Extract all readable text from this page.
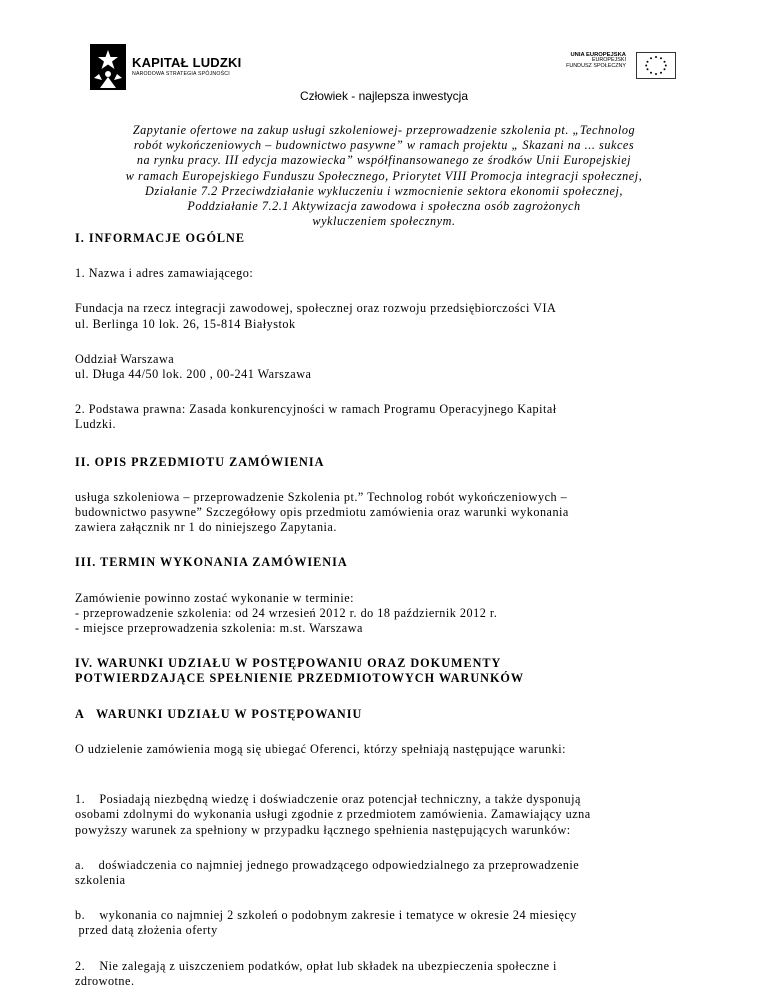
KAPITAŁ LUDZKI
NARODOWA STRATEGIA SPÓJNOŚCI
UNIA EUROPEJSKA
EUROPEJSKI
FUNDUSZ SPOŁECZNY
Człowiek - najlepsza inwestycja
Zapytanie ofertowe na zakup usługi szkoleniowej- przeprowadzenie szkolenia pt. „Technolog
robót wykończeniowych – budownictwo pasywne” w ramach projektu „ Skazani na ... sukces
na rynku pracy. III edycja mazowiecka” współfinansowanego ze środków Unii Europejskiej
w ramach Europejskiego Funduszu Społecznego, Priorytet VIII Promocja integracji społecznej,
Działanie 7.2 Przeciwdziałanie wykluczeniu i wzmocnienie sektora ekonomii społecznej,
Poddziałanie 7.2.1 Aktywizacja zawodowa i społeczna osób zagrożonych
wykluczeniem społecznym.

I. INFORMACJE OGÓLNE

1. Nazwa i adres zamawiającego:

Fundacja na rzecz integracji zawodowej, społecznej oraz rozwoju przedsiębiorczości VIA
ul. Berlinga 10 lok. 26, 15-814 Białystok

Oddział Warszawa
ul. Długa 44/50 lok. 200 , 00-241 Warszawa

2. Podstawa prawna: Zasada konkurencyjności w ramach Programu Operacyjnego Kapitał
Ludzki.

II. OPIS PRZEDMIOTU ZAMÓWIENIA

usługa szkoleniowa – przeprowadzenie Szkolenia pt.” Technolog robót wykończeniowych –
budownictwo pasywne” Szczegółowy opis przedmiotu zamówienia oraz warunki wykonania
zawiera załącznik nr 1 do niniejszego Zapytania.

III. TERMIN WYKONANIA ZAMÓWIENIA

Zamówienie powinno zostać wykonanie w terminie:
- przeprowadzenie szkolenia: od 24 wrzesień 2012 r. do 18 październik 2012 r.
- miejsce przeprowadzenia szkolenia: m.st. Warszawa

IV. WARUNKI UDZIAŁU W POSTĘPOWANIU ORAZ DOKUMENTY
POTWIERDZAJĄCE SPEŁNIENIE PRZEDMIOTOWYCH WARUNKÓW

A   WARUNKI UDZIAŁU W POSTĘPOWANIU

O udzielenie zamówienia mogą się ubiegać Oferenci, którzy spełniają następujące warunki:

1.    Posiadają niezbędną wiedzę i doświadczenie oraz potencjał techniczny, a także dysponują
osobami zdolnymi do wykonania usługi zgodnie z przedmiotem zamówienia. Zamawiający uzna
powyższy warunek za spełniony w przypadku łącznego spełnienia następujących warunków:

a.    doświadczenia co najmniej jednego prowadzącego odpowiedzialnego za przeprowadzenie
szkolenia

b.    wykonania co najmniej 2 szkoleń o podobnym zakresie i tematyce w okresie 24 miesięcy
przed datą złożenia oferty

2.    Nie zalegają z uiszczeniem podatków, opłat lub składek na ubezpieczenia społeczne i
zdrowotne.
